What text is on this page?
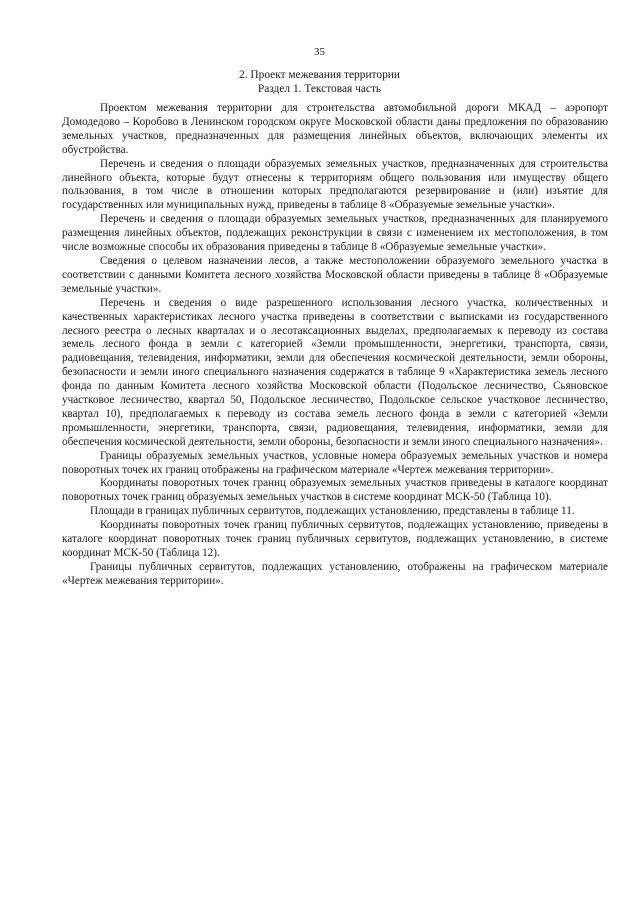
35
2. Проект межевания территории
Раздел 1. Текстовая часть

Проектом межевания территории для строительства автомобильной дороги МКАД – аэропорт Домодедово – Коробово в Ленинском городском округе Московской области даны предложения по образованию земельных участков, предназначенных для размещения линейных объектов, включающих элементы их обустройства.

Перечень и сведения о площади образуемых земельных участков, предназначенных для строительства линейного объекта, которые будут отнесены к территориям общего пользования или имуществу общего пользования, в том числе в отношении которых предполагаются резервирование и (или) изъятие для государственных или муниципальных нужд, приведены в таблице 8 «Образуемые земельные участки».

Перечень и сведения о площади образуемых земельных участков, предназначенных для планируемого размещения линейных объектов, подлежащих реконструкции в связи с изменением их местоположения, в том числе возможные способы их образования приведены в таблице 8 «Образуемые земельные участки».

Сведения о целевом назначении лесов, а также местоположении образуемого земельного участка в соответствии с данными Комитета лесного хозяйства Московской области приведены в таблице 8 «Образуемые земельные участки».

Перечень и сведения о виде разрешенного использования лесного участка, количественных и качественных характеристиках лесного участка приведены в соответствии с выписками из государственного лесного реестра о лесных кварталах и о лесотаксационных выделах, предполагаемых к переводу из состава земель лесного фонда в земли с категорией «Земли промышленности, энергетики, транспорта, связи, радиовещания, телевидения, информатики, земли для обеспечения космической деятельности, земли обороны, безопасности и земли иного специального назначения содержатся в таблице 9 «Характеристика земель лесного фонда по данным Комитета лесного хозяйства Московской области (Подольское лесничество, Сьяновское участковое лесничество, квартал 50, Подольское лесничество, Подольское сельское участковое лесничество, квартал 10), предполагаемых к переводу из состава земель лесного фонда в земли с категорией «Земли промышленности, энергетики, транспорта, связи, радиовещания, телевидения, информатики, земли для обеспечения космической деятельности, земли обороны, безопасности и земли иного специального назначения».

Границы образуемых земельных участков, условные номера образуемых земельных участков и номера поворотных точек их границ отображены на графическом материале «Чертеж межевания территории».

Координаты поворотных точек границ образуемых земельных участков приведены в каталоге координат поворотных точек границ образуемых земельных участков в системе координат МСК-50 (Таблица 10).

Площади в границах публичных сервитутов, подлежащих установлению, представлены в таблице 11.

Координаты поворотных точек границ публичных сервитутов, подлежащих установлению, приведены в каталоге координат поворотных точек границ публичных сервитутов, подлежащих установлению, в системе координат МСК-50 (Таблица 12).

Границы публичных сервитутов, подлежащих установлению, отображены на графическом материале «Чертеж межевания территории».
